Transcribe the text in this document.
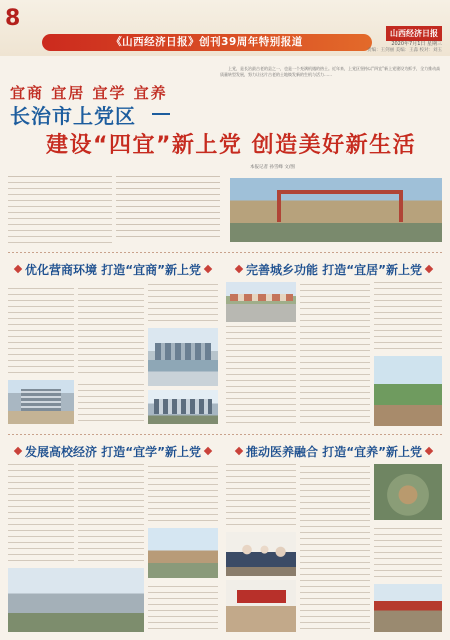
8
《山西经济日报》创刊39周年特别报道
山西经济日报
2020年7月1日 星期三
责编：王剑丽 美编：王淼 校对：刘玉
宜商 宜居 宜学 宜养
长治市上党区
建设“四宜”新上党 创造美好新生活
本报记者 孙雪峰 文/图

上党，是长治最古老的县之一，也是一个充满机遇的热土。近年来，上党区坚持以“四宜”新上党建设为抓手，全力推动高质量转型发展，努力让这片古老的土地焕发新的生机与活力……

优化营商环境 打造“宜商”新上党	完善城乡功能 打造“宜居”新上党
发展高校经济 打造“宜学”新上党	推动医养融合 打造“宜养”新上党
